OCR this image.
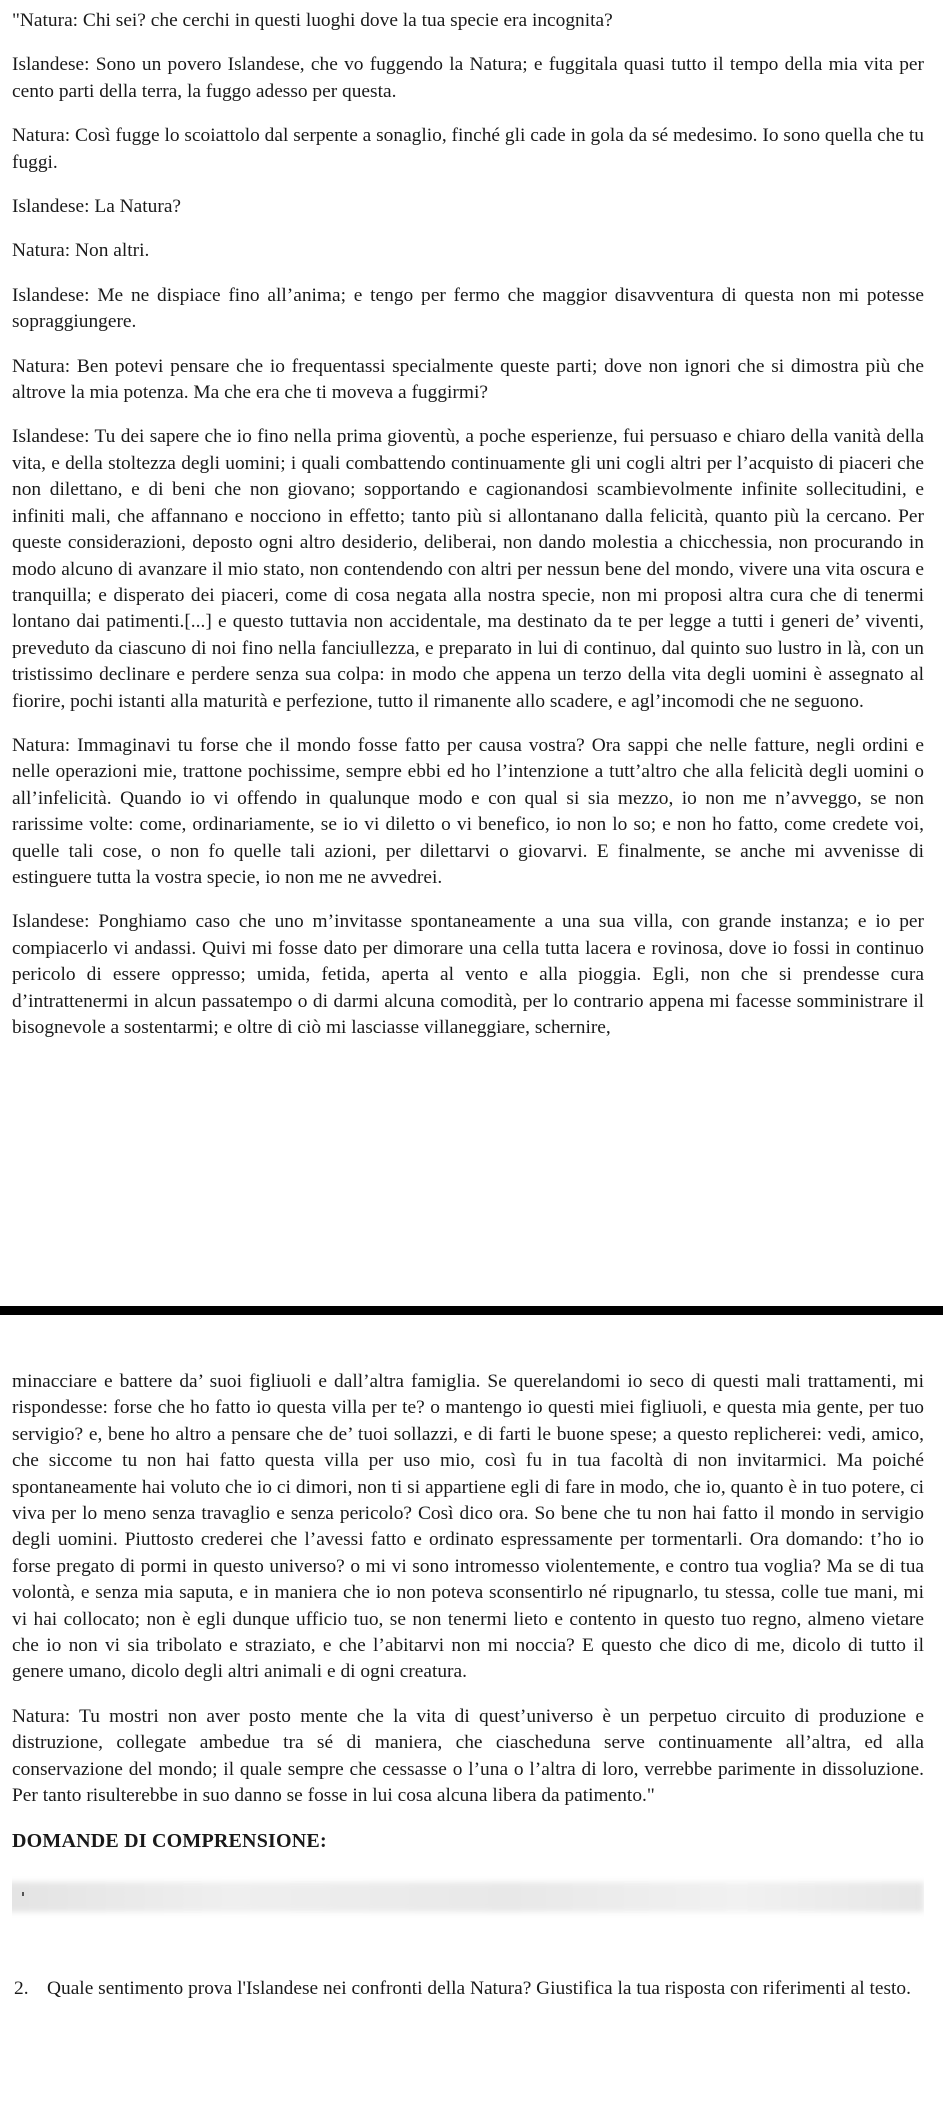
"Natura: Chi sei? che cerchi in questi luoghi dove la tua specie era incognita?

Islandese: Sono un povero Islandese, che vo fuggendo la Natura; e fuggitala quasi tutto il tempo della mia vita per cento parti della terra, la fuggo adesso per questa.

Natura: Così fugge lo scoiattolo dal serpente a sonaglio, finché gli cade in gola da sé medesimo. Io sono quella che tu fuggi.

Islandese: La Natura?

Natura: Non altri.

Islandese: Me ne dispiace fino all’anima; e tengo per fermo che maggior disavventura di questa non mi potesse sopraggiungere.

Natura: Ben potevi pensare che io frequentassi specialmente queste parti; dove non ignori che si dimostra più che altrove la mia potenza. Ma che era che ti moveva a fuggirmi?

Islandese: Tu dei sapere che io fino nella prima gioventù, a poche esperienze, fui persuaso e chiaro della vanità della vita, e della stoltezza degli uomini; i quali combattendo continuamente gli uni cogli altri per l’acquisto di piaceri che non dilettano, e di beni che non giovano; sopportando e cagionandosi scambievolmente infinite sollecitudini, e infiniti mali, che affannano e nocciono in effetto; tanto più si allontanano dalla felicità, quanto più la cercano. Per queste considerazioni, deposto ogni altro desiderio, deliberai, non dando molestia a chicchessia, non procurando in modo alcuno di avanzare il mio stato, non contendendo con altri per nessun bene del mondo, vivere una vita oscura e tranquilla; e disperato dei piaceri, come di cosa negata alla nostra specie, non mi proposi altra cura che di tenermi lontano dai patimenti.[...] e questo tuttavia non accidentale, ma destinato da te per legge a tutti i generi de’ viventi, preveduto da ciascuno di noi fino nella fanciullezza, e preparato in lui di continuo, dal quinto suo lustro in là, con un tristissimo declinare e perdere senza sua colpa: in modo che appena un terzo della vita degli uomini è assegnato al fiorire, pochi istanti alla maturità e perfezione, tutto il rimanente allo scadere, e agl’incomodi che ne seguono.

Natura: Immaginavi tu forse che il mondo fosse fatto per causa vostra? Ora sappi che nelle fatture, negli ordini e nelle operazioni mie, trattone pochissime, sempre ebbi ed ho l’intenzione a tutt’altro che alla felicità degli uomini o all’infelicità. Quando io vi offendo in qualunque modo e con qual si sia mezzo, io non me n’avveggo, se non rarissime volte: come, ordinariamente, se io vi diletto o vi benefico, io non lo so; e non ho fatto, come credete voi, quelle tali cose, o non fo quelle tali azioni, per dilettarvi o giovarvi. E finalmente, se anche mi avvenisse di estinguere tutta la vostra specie, io non me ne avvedrei.

Islandese: Ponghiamo caso che uno m’invitasse spontaneamente a una sua villa, con grande instanza; e io per compiacerlo vi andassi. Quivi mi fosse dato per dimorare una cella tutta lacera e rovinosa, dove io fossi in continuo pericolo di essere oppresso; umida, fetida, aperta al vento e alla pioggia. Egli, non che si prendesse cura d’intrattenermi in alcun passatempo o di darmi alcuna comodità, per lo contrario appena mi facesse somministrare il bisognevole a sostentarmi; e oltre di ciò mi lasciasse villaneggiare, schernire,

minacciare e battere da’ suoi figliuoli e dall’altra famiglia. Se querelandomi io seco di questi mali trattamenti, mi rispondesse: forse che ho fatto io questa villa per te? o mantengo io questi miei figliuoli, e questa mia gente, per tuo servigio? e, bene ho altro a pensare che de’ tuoi sollazzi, e di farti le buone spese; a questo replicherei: vedi, amico, che siccome tu non hai fatto questa villa per uso mio, così fu in tua facoltà di non invitarmici. Ma poiché spontaneamente hai voluto che io ci dimori, non ti si appartiene egli di fare in modo, che io, quanto è in tuo potere, ci viva per lo meno senza travaglio e senza pericolo? Così dico ora. So bene che tu non hai fatto il mondo in servigio degli uomini. Piuttosto crederei che l’avessi fatto e ordinato espressamente per tormentarli. Ora domando: t’ho io forse pregato di pormi in questo universo? o mi vi sono intromesso violentemente, e contro tua voglia? Ma se di tua volontà, e senza mia saputa, e in maniera che io non poteva sconsentirlo né ripugnarlo, tu stessa, colle tue mani, mi vi hai collocato; non è egli dunque ufficio tuo, se non tenermi lieto e contento in questo tuo regno, almeno vietare che io non vi sia tribolato e straziato, e che l’abitarvi non mi noccia? E questo che dico di me, dicolo di tutto il genere umano, dicolo degli altri animali e di ogni creatura.

Natura: Tu mostri non aver posto mente che la vita di quest’universo è un perpetuo circuito di produzione e distruzione, collegate ambedue tra sé di maniera, che ciascheduna serve continuamente all’altra, ed alla conservazione del mondo; il quale sempre che cessasse o l’una o l’altra di loro, verrebbe parimente in dissoluzione. Per tanto risulterebbe in suo danno se fosse in lui cosa alcuna libera da patimento."

DOMANDE DI COMPRENSIONE:
2. Quale sentimento prova l'Islandese nei confronti della Natura? Giustifica la tua risposta con riferimenti al testo.
